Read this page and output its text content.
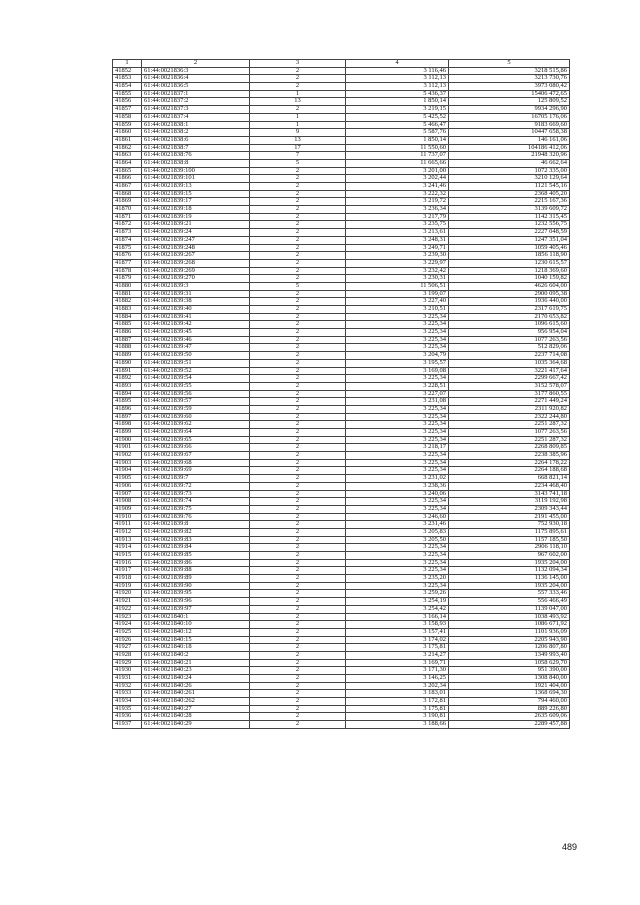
1	2	3	4	5
41852	61:44:0021836:3	2	3 116,46	3218 515,86
41853	61:44:0021836:4	2	3 112,13	3213 730,76
41854	61:44:0021836:5	2	3 112,13	3973 080,42
41855	61:44:0021837:1	1	5 436,37	15406 472,65
41856	61:44:0021837:2	13	1 850,14	125 809,52
41857	61:44:0021837:3	2	3 219,15	9934 296,90
41858	61:44:0021837:4	1	5 425,52	16705 176,06
41859	61:44:0021838:1	1	5 466,47	9183 669,60
41860	61:44:0021838:2	9	5 587,76	10447 658,38
41861	61:44:0021838:6	13	1 850,14	146 161,06
41862	61:44:0021838:7	17	11 550,60	104186 412,06
41863	61:44:0021838:76	7	11 737,07	21948 320,96
41864	61:44:0021838:8	5	11 665,66	46 662,64
41865	61:44:0021839:100	2	3 201,00	1072 335,00
41866	61:44:0021839:101	2	3 202,44	3210 129,64
41867	61:44:0021839:13	2	3 241,46	1121 545,16
41868	61:44:0021839:15	2	3 222,32	2368 405,20
41869	61:44:0021839:17	2	3 219,72	2215 167,36
41870	61:44:0021839:18	2	3 236,34	3139 609,72
41871	61:44:0021839:19	2	3 217,79	1142 315,45
41872	61:44:0021839:21	2	3 235,75	1232 556,75
41873	61:44:0021839:24	2	3 213,61	2227 048,59
41874	61:44:0021839:247	2	3 248,31	1247 351,04
41875	61:44:0021839:248	2	3 249,71	1059 405,46
41876	61:44:0021839:267	2	3 239,30	1856 118,90
41877	61:44:0021839:268	2	3 229,97	1230 615,57
41878	61:44:0021839:269	2	3 232,42	1218 369,60
41879	61:44:0021839:270	2	3 230,31	1040 159,82
41880	61:44:0021839:3	5	11 506,51	4626 604,00
41881	61:44:0021839:31	2	3 199,07	2900 095,38
41882	61:44:0021839:38	2	3 227,40	1936 440,00
41883	61:44:0021839:40	2	3 210,51	2317 619,75
41884	61:44:0021839:41	2	3 225,34	2170 653,82
41885	61:44:0021839:42	2	3 225,34	1096 615,60
41886	61:44:0021839:45	2	3 225,34	956 954,04
41887	61:44:0021839:46	2	3 225,34	1077 263,56
41888	61:44:0021839:47	2	3 225,34	512 829,06
41889	61:44:0021839:50	2	3 204,79	2237 714,08
41890	61:44:0021839:51	2	3 195,57	1035 364,68
41891	61:44:0021839:52	2	3 169,08	3221 417,64
41892	61:44:0021839:54	2	3 225,34	2299 667,42
41893	61:44:0021839:55	2	3 228,51	3152 578,07
41894	61:44:0021839:56	2	3 227,07	3177 860,55
41895	61:44:0021839:57	2	3 231,08	2271 449,24
41896	61:44:0021839:59	2	3 225,34	2311 920,82
41897	61:44:0021839:60	2	3 225,34	2322 244,80
41898	61:44:0021839:62	2	3 225,34	2251 287,32
41899	61:44:0021839:64	2	3 225,34	1077 263,56
41900	61:44:0021839:65	2	3 225,34	2251 287,32
41901	61:44:0021839:66	2	3 218,17	2268 809,85
41902	61:44:0021839:67	2	3 225,34	2238 385,96
41903	61:44:0021839:68	2	3 225,34	2264 178,22
41904	61:44:0021839:69	2	3 225,34	2264 188,68
41905	61:44:0021839:7	2	3 231,02	668 821,14
41906	61:44:0021839:72	2	3 238,36	2234 468,40
41907	61:44:0021839:73	2	3 240,06	3143 741,18
41908	61:44:0021839:74	2	3 225,34	3119 192,98
41909	61:44:0021839:75	2	3 225,34	2309 343,44
41910	61:44:0021839:76	2	3 246,60	2191 455,00
41911	61:44:0021839:8	2	3 231,46	752 930,18
41912	61:44:0021839:82	2	3 205,83	1175 895,61
41913	61:44:0021839:83	2	3 205,50	1157 185,50
41914	61:44:0021839:84	2	3 225,34	2906 118,10
41915	61:44:0021839:85	2	3 225,34	967 602,00
41916	61:44:0021839:86	2	3 225,34	1935 204,00
41917	61:44:0021839:88	2	3 225,34	1132 094,34
41918	61:44:0021839:89	2	3 235,20	1136 145,00
41919	61:44:0021839:90	2	3 225,34	1935 204,00
41920	61:44:0021839:95	2	3 259,26	557 333,46
41921	61:44:0021839:96	2	3 254,19	556 466,49
41922	61:44:0021839:97	2	3 254,42	1139 047,00
41923	61:44:0021840:1	2	3 166,14	1038 493,92
41924	61:44:0021840:10	2	3 158,93	1086 671,92
41925	61:44:0021840:12	2	3 157,41	1101 936,09
41926	61:44:0021840:15	2	3 174,02	2205 943,90
41927	61:44:0021840:18	2	3 175,81	1206 807,80
41928	61:44:0021840:2	2	3 214,27	1349 993,40
41929	61:44:0021840:21	2	3 169,71	1058 629,70
41930	61:44:0021840:23	2	3 171,30	951 390,00
41931	61:44:0021840:24	2	3 146,25	1308 840,00
41932	61:44:0021840:26	2	3 202,34	1921 404,00
41933	61:44:0021840:261	2	3 183,01	1368 694,30
41934	61:44:0021840:262	2	3 172,81	794 460,00
41935	61:44:0021840:27	2	3 175,81	889 226,80
41936	61:44:0021840:28	2	3 190,81	2635 609,06
41937	61:44:0021840:29	2	3 188,66	2289 457,88
489
